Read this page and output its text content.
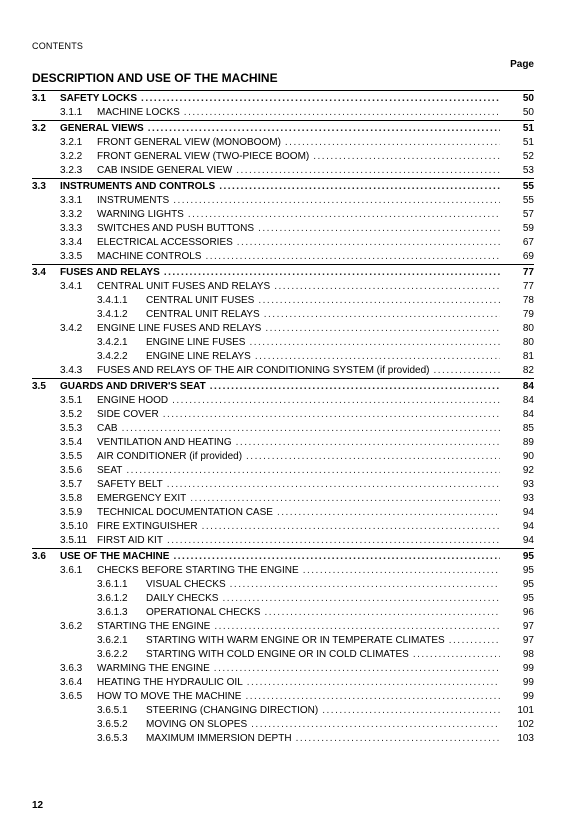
CONTENTS
Page
DESCRIPTION AND USE OF THE MACHINE
3.1	SAFETY LOCKS .....	50
3.1.1	MACHINE LOCKS .....	50
3.2	GENERAL VIEWS .....	51
3.2.1	FRONT GENERAL VIEW (MONOBOOM) .....	51
3.2.2	FRONT GENERAL VIEW (TWO-PIECE BOOM) .....	52
3.2.3	CAB INSIDE GENERAL VIEW .....	53
3.3	INSTRUMENTS AND CONTROLS .....	55
3.3.1	INSTRUMENTS .....	55
3.3.2	WARNING LIGHTS .....	57
3.3.3	SWITCHES AND PUSH BUTTONS .....	59
3.3.4	ELECTRICAL ACCESSORIES .....	67
3.3.5	MACHINE CONTROLS .....	69
3.4	FUSES AND RELAYS .....	77
3.4.1	CENTRAL UNIT FUSES AND RELAYS .....	77
3.4.1.1	CENTRAL UNIT FUSES .....	78
3.4.1.2	CENTRAL UNIT RELAYS .....	79
3.4.2	ENGINE LINE FUSES AND RELAYS .....	80
3.4.2.1	ENGINE LINE FUSES .....	80
3.4.2.2	ENGINE LINE RELAYS .....	81
3.4.3	FUSES AND RELAYS OF THE AIR CONDITIONING SYSTEM (if provided) .....	82
3.5	GUARDS AND DRIVER'S SEAT .....	84
3.5.1	ENGINE HOOD .....	84
3.5.2	SIDE COVER .....	84
3.5.3	CAB .....	85
3.5.4	VENTILATION AND HEATING .....	89
3.5.5	AIR CONDITIONER (if provided) .....	90
3.5.6	SEAT .....	92
3.5.7	SAFETY BELT .....	93
3.5.8	EMERGENCY EXIT .....	93
3.5.9	TECHNICAL DOCUMENTATION CASE .....	94
3.5.10 FIRE EXTINGUISHER .....	94
3.5.11 FIRST AID KIT .....	94
3.6	USE OF THE MACHINE .....	95
3.6.1	CHECKS BEFORE STARTING THE ENGINE .....	95
3.6.1.1	VISUAL CHECKS .....	95
3.6.1.2	DAILY CHECKS .....	95
3.6.1.3	OPERATIONAL CHECKS .....	96
3.6.2	STARTING THE ENGINE .....	97
3.6.2.1	STARTING WITH WARM ENGINE OR IN TEMPERATE CLIMATES .....	97
3.6.2.2	STARTING WITH COLD ENGINE OR IN COLD CLIMATES .....	98
3.6.3	WARMING THE ENGINE .....	99
3.6.4	HEATING THE HYDRAULIC OIL .....	99
3.6.5	HOW TO MOVE THE MACHINE .....	99
3.6.5.1	STEERING (CHANGING DIRECTION) .....	101
3.6.5.2	MOVING ON SLOPES .....	102
3.6.5.3	MAXIMUM IMMERSION DEPTH .....	103
12
